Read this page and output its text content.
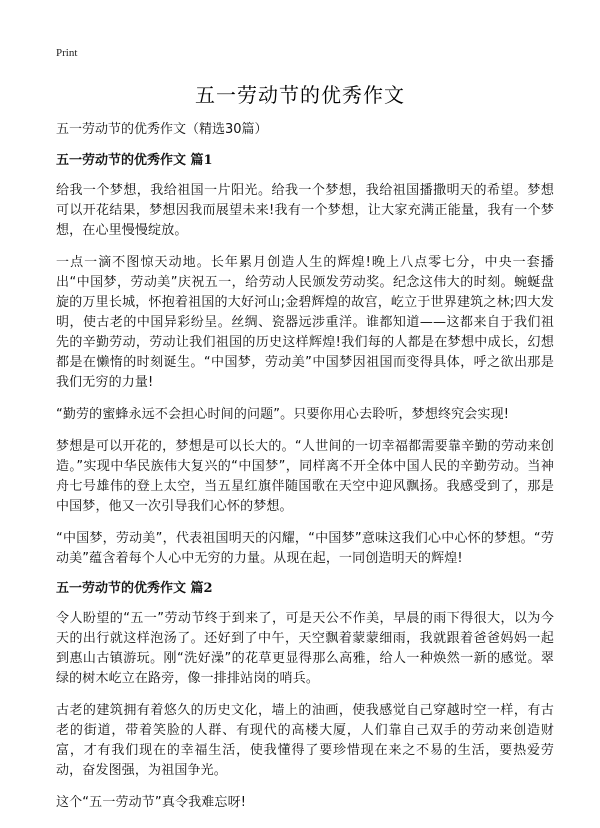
Print
五一劳动节的优秀作文
五一劳动节的优秀作文（精选30篇）
五一劳动节的优秀作文 篇1

给我一个梦想，我给祖国一片阳光。给我一个梦想，我给祖国播撒明天的希望。梦想可以开花结果，梦想因我而展望未来!我有一个梦想，让大家充满正能量，我有一个梦想，在心里慢慢绽放。

一点一滴不图惊天动地。长年累月创造人生的辉煌!晚上八点零七分，中央一套播出“中国梦，劳动美”庆祝五一，给劳动人民颁发劳动奖。纪念这伟大的时刻。蜿蜒盘旋的万里长城，怀抱着祖国的大好河山;金碧辉煌的故宫，屹立于世界建筑之林;四大发明，使古老的中国异彩纷呈。丝绸、瓷器远涉重洋。谁都知道——这都来自于我们祖先的辛勤劳动，劳动让我们祖国的历史这样辉煌!我们每的人都是在梦想中成长，幻想都是在懒惰的时刻诞生。“中国梦，劳动美”中国梦因祖国而变得具体，呼之欲出那是我们无穷的力量!

“勤劳的蜜蜂永远不会担心时间的问题”。只要你用心去聆听，梦想终究会实现!

梦想是可以开花的，梦想是可以长大的。“人世间的一切幸福都需要靠辛勤的劳动来创造。”实现中华民族伟大复兴的“中国梦”，同样离不开全体中国人民的辛勤劳动。当神舟七号雄伟的登上太空，当五星红旗伴随国歌在天空中迎风飘扬。我感受到了，那是中国梦，他又一次引导我们心怀的梦想。

“中国梦，劳动美”，代表祖国明天的闪耀，“中国梦”意味这我们心中心怀的梦想。“劳动美”蕴含着每个人心中无穷的力量。从现在起，一同创造明天的辉煌!

五一劳动节的优秀作文 篇2

令人盼望的“五一”劳动节终于到来了，可是天公不作美，早晨的雨下得很大，以为今天的出行就这样泡汤了。还好到了中午，天空飘着蒙蒙细雨，我就跟着爸爸妈妈一起到惠山古镇游玩。刚“洗好澡”的花草更显得那么高雅，给人一种焕然一新的感觉。翠绿的树木屹立在路旁，像一排排站岗的哨兵。

古老的建筑拥有着悠久的历史文化，墙上的油画，使我感觉自己穿越时空一样，有古老的街道，带着笑脸的人群、有现代的高楼大厦，人们靠自己双手的劳动来创造财富，才有我们现在的幸福生活，使我懂得了要珍惜现在来之不易的生活，要热爱劳动，奋发图强，为祖国争光。

这个“五一劳动节”真令我难忘呀!
